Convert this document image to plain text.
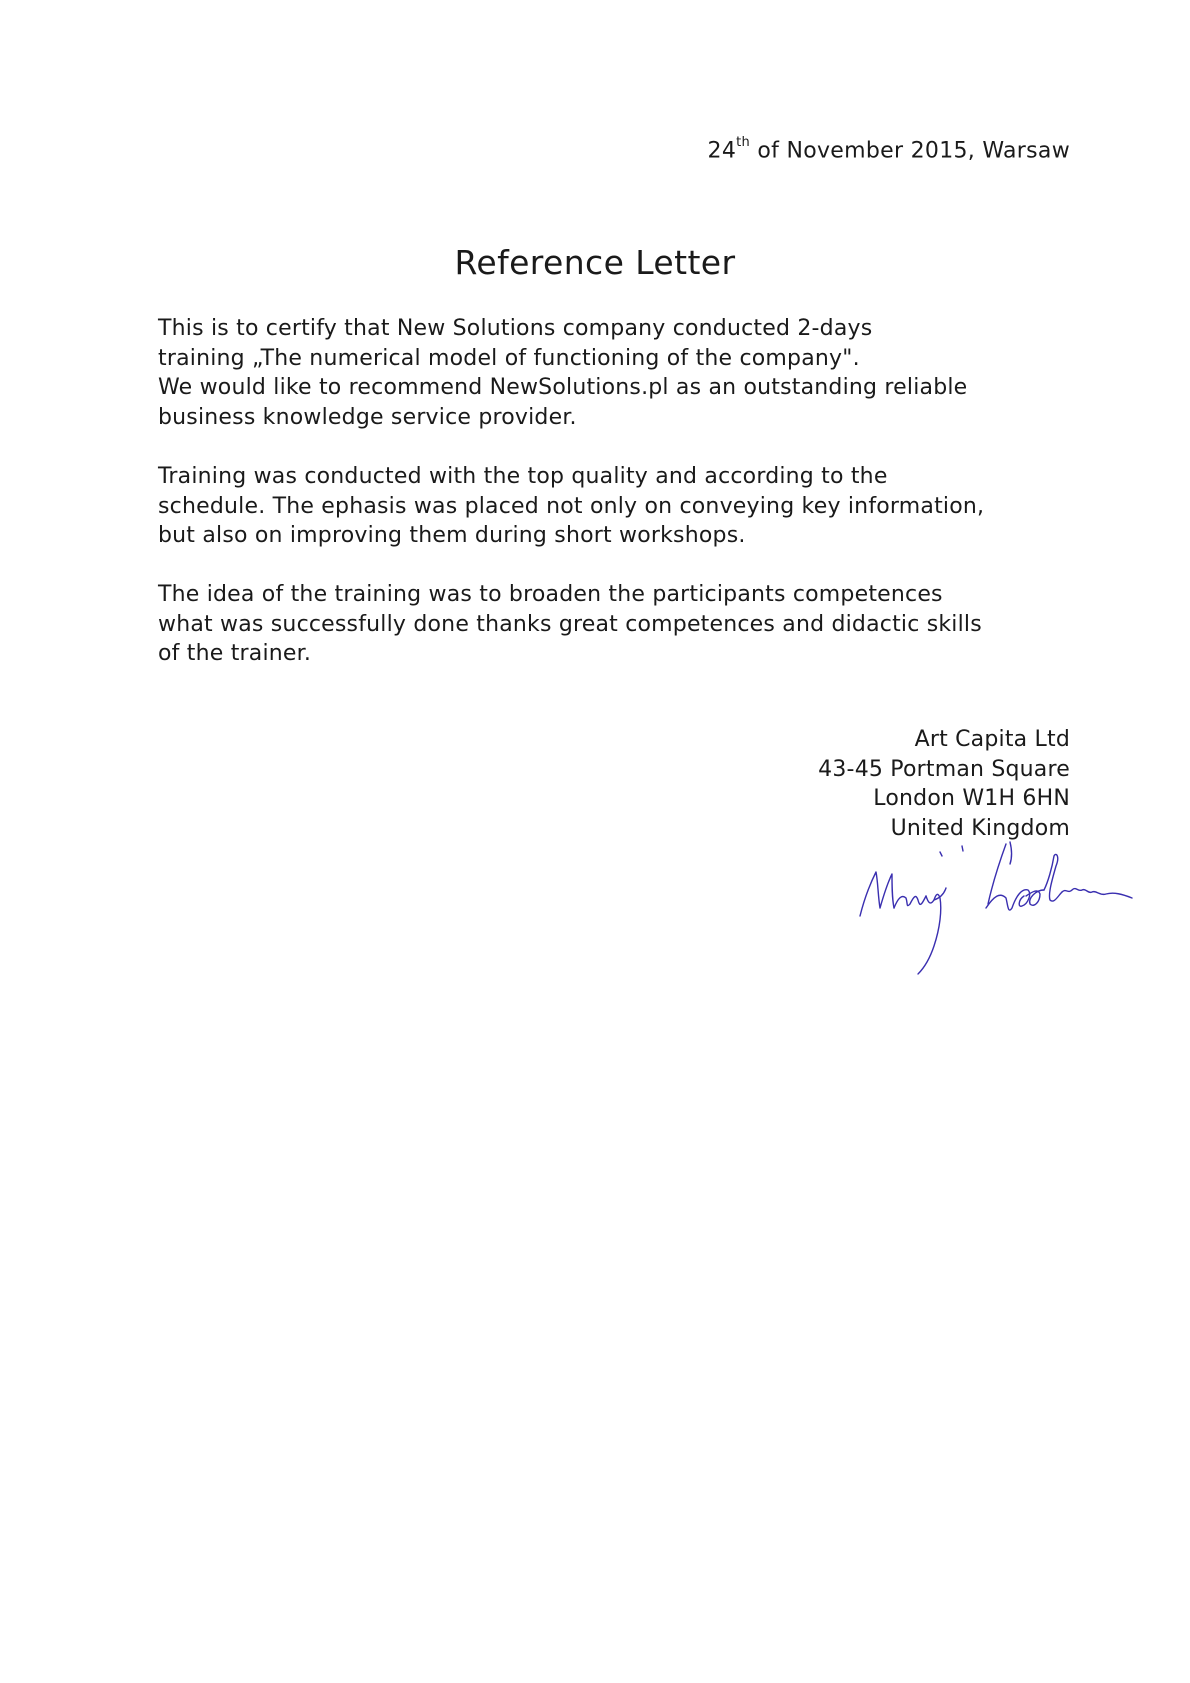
24th of November 2015, Warsaw
Reference Letter
This is to certify that New Solutions company conducted 2-days
training „The numerical model of functioning of the company".
We would like to recommend NewSolutions.pl as an outstanding reliable
business knowledge service provider.
Training was conducted with the top quality and according to the
schedule. The ephasis was placed not only on conveying key information,
but also on improving them during short workshops.
The idea of the training was to broaden the participants competences
what was successfully done thanks great competences and didactic skills
of the trainer.
Art Capita Ltd
43-45 Portman Square
London W1H 6HN
United Kingdom
